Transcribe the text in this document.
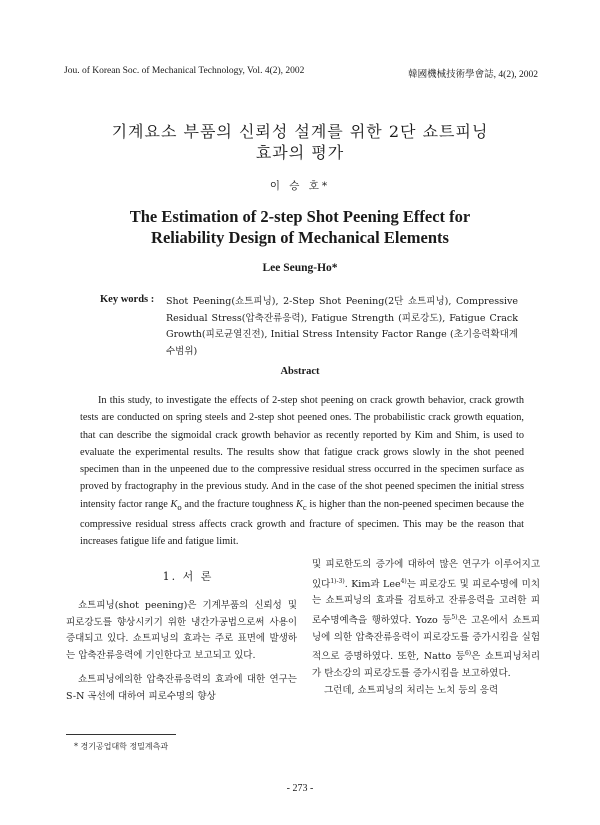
Jou. of Korean Soc. of Mechanical Technology, Vol. 4(2), 2002	韓國機械技術學會誌, 4(2), 2002
기계요소 부품의 신뢰성 설계를 위한 2단 쇼트피닝
효과의 평가
이 승 호*
The Estimation of 2-step Shot Peening Effect for
Reliability Design of Mechanical Elements
Lee Seung-Ho*
Key words : Shot Peening(쇼트피닝), 2-Step Shot Peening(2단 쇼트피닝), Compressive Residual Stress(압축잔류응력), Fatigue Strength (피로강도), Fatigue Crack Growth(피로균열진전), Initial Stress Intensity Factor Range (초기응력확대계수범위)
Abstract
In this study, to investigate the effects of 2-step shot peening on crack growth behavior, crack growth tests are conducted on spring steels and 2-step shot peened ones. The probabilistic crack growth equation, that can describe the sigmoidal crack growth behavior as recently reported by Kim and Shim, is used to evaluate the experimental results. The results show that fatigue crack grows slowly in the shot peened specimen than in the unpeened due to the compressive residual stress occurred in the specimen surface as proved by fractography in the previous study. And in the case of the shot peened specimen the initial stress intensity factor range $K_o$ and the fracture toughness $K_c$ is higher than the non-peened specimen because the compressive residual stress affects crack growth and fracture of specimen. This may be the reason that increases fatigue life and fatigue limit.
1. 서 론

쇼트피닝(shot peening)은 기계부품의 신뢰성 및 피로강도를 향상시키기 위한 냉간가공법으로써 사용이 증대되고 있다. 쇼트피닝의 효과는 주로 표면에 발생하는 압축잔류응력에 기인한다고 보고되고 있다.

쇼트피닝에의한 압축잔류응력의 효과에 대한 연구는 S-N 곡선에 대하여 피로수명의 향상

및 피로한도의 증가에 대하여 많은 연구가 이루어지고 있다$^{1)-3)}$. Kim과 Lee$^{4)}$는 피로강도 및 피로수명에 미치는 쇼트피닝의 효과를 검토하고 잔류응력을 고려한 피로수명예측을 행하였다. Yozo 등$^{5)}$은 고온에서 쇼트피닝에 의한 압축잔류응력이 피로강도를 증가시킴을 실험적으로 증명하였다. 또한, Natto 등$^{6)}$은 쇼트피닝처리가 탄소강의 피로강도를 증가시킴을 보고하였다.

그런데, 쇼트피닝의 처리는 노치 등의 응력

* 경기공업대학 정밀계측과
- 273 -
